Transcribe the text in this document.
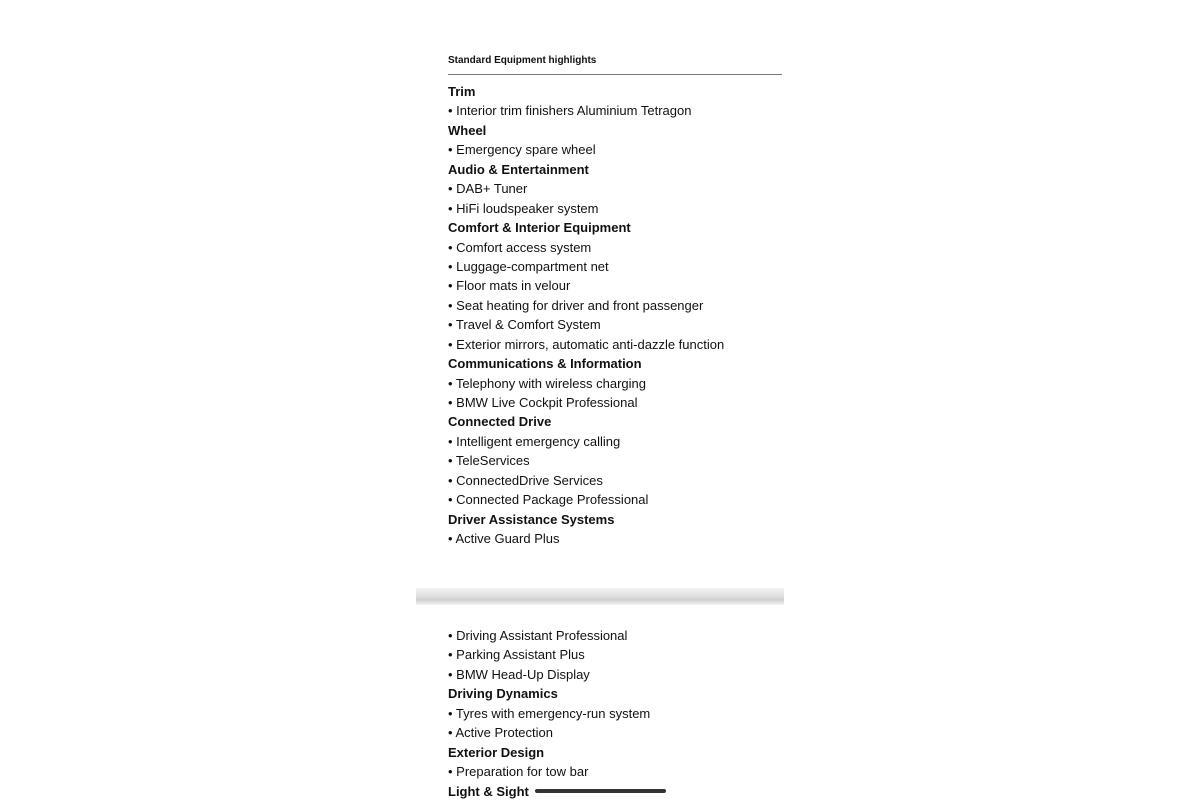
Standard Equipment highlights
Trim
• Interior trim finishers Aluminium Tetragon
Wheel
• Emergency spare wheel
Audio & Entertainment
• DAB+ Tuner
• HiFi loudspeaker system
Comfort & Interior Equipment
• Comfort access system
• Luggage-compartment net
• Floor mats in velour
• Seat heating for driver and front passenger
• Travel & Comfort System
• Exterior mirrors, automatic anti-dazzle function
Communications & Information
• Telephony with wireless charging
• BMW Live Cockpit Professional
Connected Drive
• Intelligent emergency calling
• TeleServices
• ConnectedDrive Services
• Connected Package Professional
Driver Assistance Systems
• Active Guard Plus
• Driving Assistant Professional
• Parking Assistant Plus
• BMW Head-Up Display
Driving Dynamics
• Tyres with emergency-run system
• Active Protection
Exterior Design
• Preparation for tow bar
Light & Sight
